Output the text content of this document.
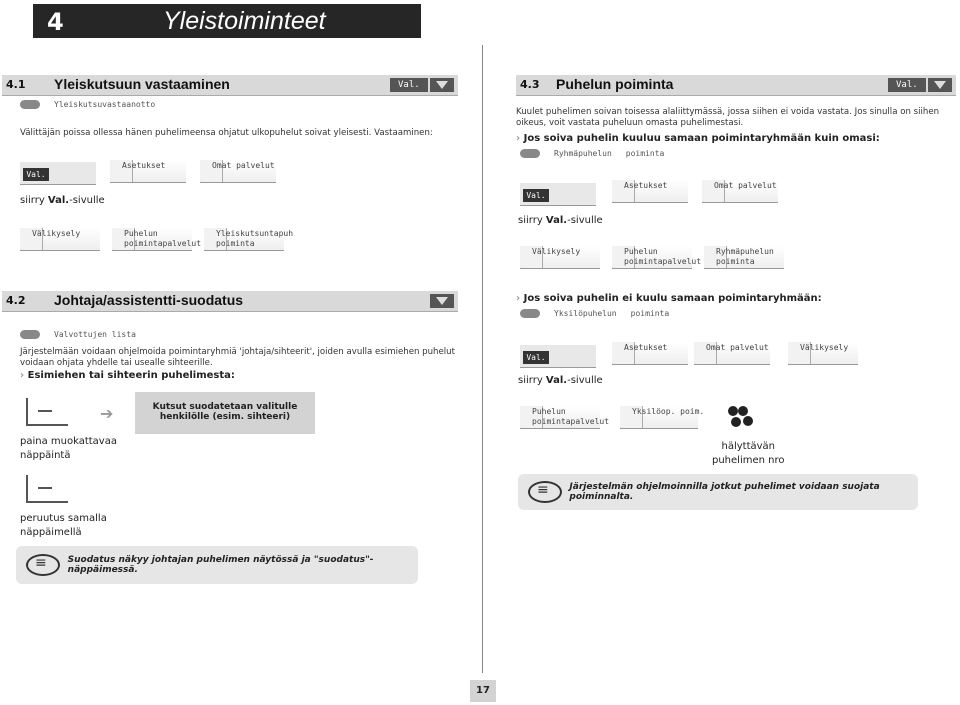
4	Yleistoiminteet
4.1 Yleiskutsuun vastaaminen	Val.
Yleiskutsuvastaanotto
Välittäjän poissa ollessa hänen puhelimeensa ohjatut ulkopuhelut soivat yleisesti. Vastaaminen:
Val.
Asetukset	Omat palvelut
siirry Val.-sivulle
Välikysely	Puhelun
poimintapalvelut
Yleiskutsuntapuh
poiminta
4.2 Johtaja/assistentti-suodatus
Valvottujen lista
Järjestelmään voidaan ohjelmoida poimintaryhmiä 'johtaja/sihteerit', joiden avulla esimiehen puhelut voidaan ohjata yhdelle tai usealle sihteerille.
› Esimiehen tai sihteerin puhelimesta:
➔	Kutsut suodatetaan valitulle henkilölle (esim. sihteeri)
paina muokattavaa
näppäintä
peruutus samalla
näppäimellä
≡
Suodatus näkyy johtajan puhelimen näytössä ja "suodatus"-näppäimessä.
4.3 Puhelun poiminta	Val.
Kuulet puhelimen soivan toisessa alaliittymässä, jossa siihen ei voida vastata. Jos sinulla on siihen oikeus, voit vastata puheluun omasta puhelimestasi.
› Jos soiva puhelin kuuluu samaan poimintaryhmään kuin omasi:
Ryhmäpuhelun poiminta
Val.
Asetukset	Omat palvelut
siirry Val.-sivulle
Välikysely	Puhelun
poimintapalvelut
Ryhmäpuhelun
poiminta
› Jos soiva puhelin ei kuulu samaan poimintaryhmään:
Yksilöpuhelun poiminta
Val.
Asetukset	Omat palvelut	Välikysely
siirry Val.-sivulle
Puhelun
poimintapalvelut
Yksilöop. poim.
hälyttävän
puhelimen nro
≡
Järjestelmän ohjelmoinnilla jotkut puhelimet voidaan suojata poiminnalta.
17
